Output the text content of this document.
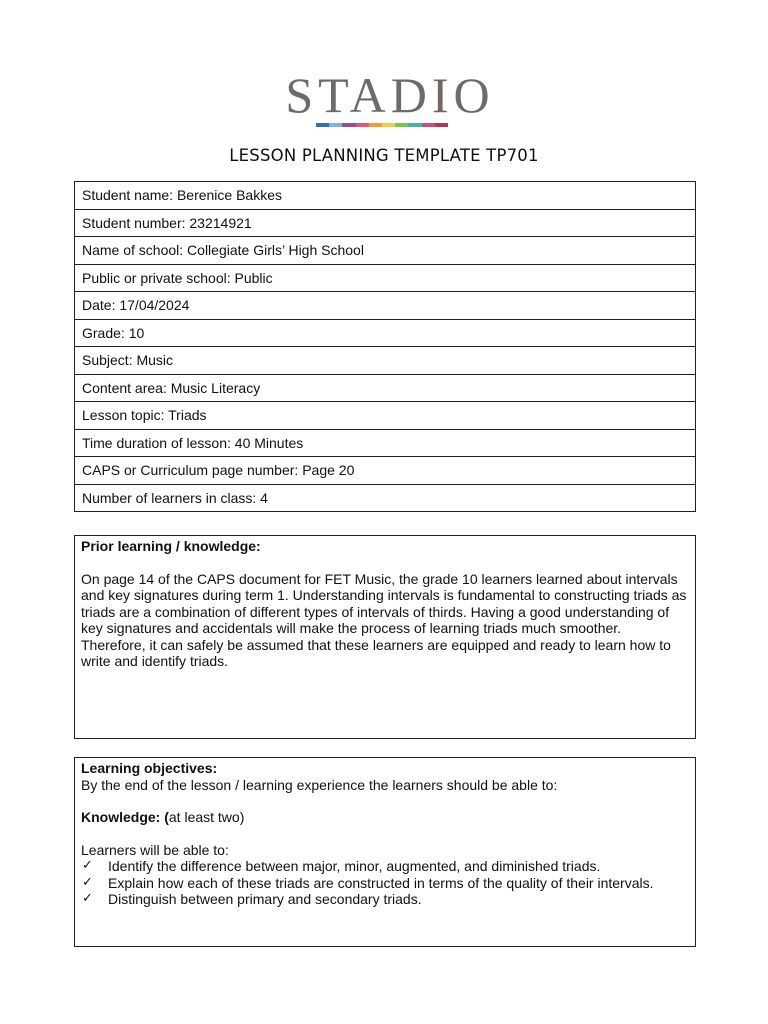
STADIO
LESSON PLANNING TEMPLATE TP701
Student name: Berenice Bakkes
Student number: 23214921
Name of school: Collegiate Girls’ High School
Public or private school: Public
Date: 17/04/2024
Grade: 10
Subject: Music
Content area: Music Literacy
Lesson topic: Triads
Time duration of lesson: 40 Minutes
CAPS or Curriculum page number: Page 20
Number of learners in class: 4

Prior learning / knowledge:

On page 14 of the CAPS document for FET Music, the grade 10 learners learned about intervals and key signatures during term 1. Understanding intervals is fundamental to constructing triads as triads are a combination of different types of intervals of thirds. Having a good understanding of key signatures and accidentals will make the process of learning triads much smoother. Therefore, it can safely be assumed that these learners are equipped and ready to learn how to write and identify triads.

Learning objectives:

By the end of the lesson / learning experience the learners should be able to:

Knowledge: (at least two)

Learners will be able to:

✓ Identify the difference between major, minor, augmented, and diminished triads.
✓ Explain how each of these triads are constructed in terms of the quality of their intervals.
✓ Distinguish between primary and secondary triads.
